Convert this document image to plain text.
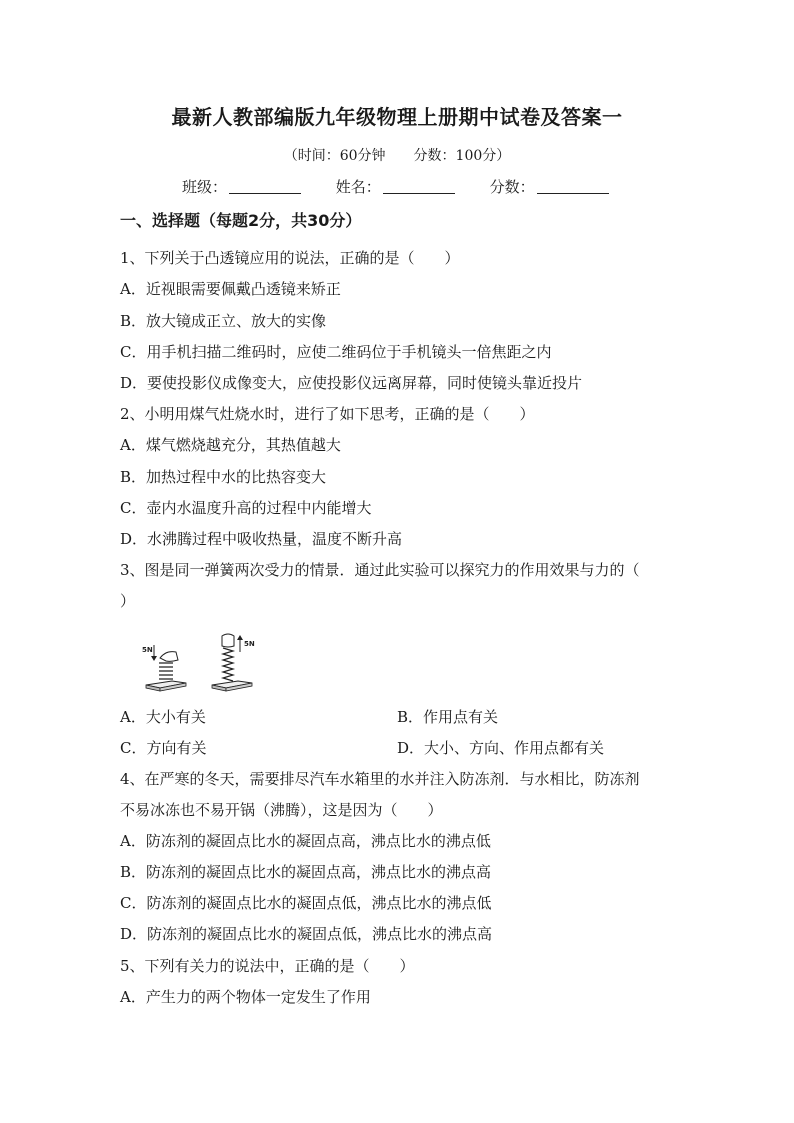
最新人教部编版九年级物理上册期中试卷及答案一
（时间：60分钟 分数：100分）
班级：	姓名：	分数：
一、选择题（每题2分，共30分）
1、下列关于凸透镜应用的说法，正确的是（　　）
A．近视眼需要佩戴凸透镜来矫正
B．放大镜成正立、放大的实像
C．用手机扫描二维码时，应使二维码位于手机镜头一倍焦距之内
D．要使投影仪成像变大，应使投影仪远离屏幕，同时使镜头靠近投片
2、小明用煤气灶烧水时，进行了如下思考，正确的是（　　）
A．煤气燃烧越充分，其热值越大
B．加热过程中水的比热容变大
C．壶内水温度升高的过程中内能增大
D．水沸腾过程中吸收热量，温度不断升高
3、图是同一弹簧两次受力的情景．通过此实验可以探究力的作用效果与力的（
）
5N
5N
A．大小有关	B．作用点有关
C．方向有关	D．大小、方向、作用点都有关
4、在严寒的冬天，需要排尽汽车水箱里的水并注入防冻剂．与水相比，防冻剂
不易冰冻也不易开锅（沸腾），这是因为（　　）
A．防冻剂的凝固点比水的凝固点高，沸点比水的沸点低
B．防冻剂的凝固点比水的凝固点高，沸点比水的沸点高
C．防冻剂的凝固点比水的凝固点低，沸点比水的沸点低
D．防冻剂的凝固点比水的凝固点低，沸点比水的沸点高
5、下列有关力的说法中，正确的是（　　）
A．产生力的两个物体一定发生了作用
